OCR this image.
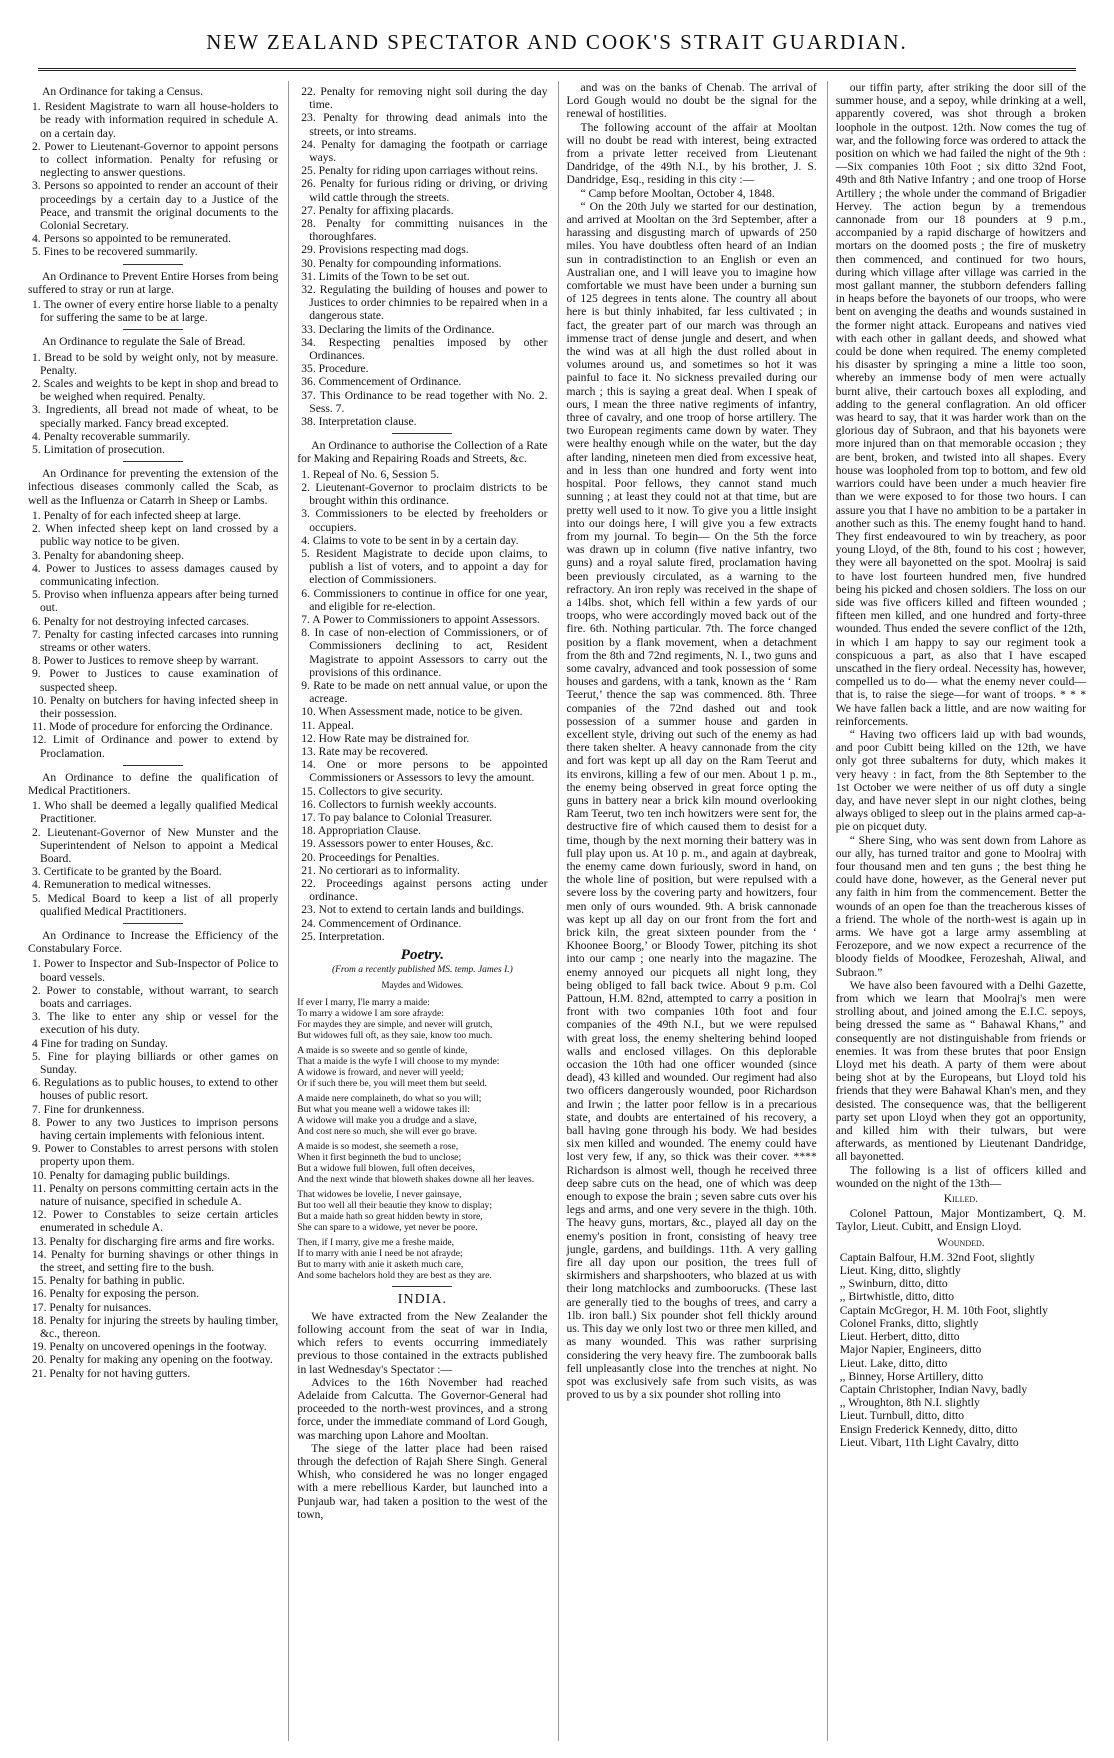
NEW ZEALAND SPECTATOR AND COOK'S STRAIT GUARDIAN.

An Ordinance for taking a Census.

1. Resident Magistrate to warn all house-holders to be ready with information required in schedule A. on a certain day.

2. Power to Lieutenant-Governor to appoint persons to collect information. Penalty for refusing or neglecting to answer questions.

3. Persons so appointed to render an account of their proceedings by a certain day to a Justice of the Peace, and transmit the original documents to the Colonial Secretary.

4. Persons so appointed to be remunerated.

5. Fines to be recovered summarily.

An Ordinance to Prevent Entire Horses from being suffered to stray or run at large.

1. The owner of every entire horse liable to a penalty for suffering the same to be at large.

An Ordinance to regulate the Sale of Bread.

1. Bread to be sold by weight only, not by measure. Penalty.

2. Scales and weights to be kept in shop and bread to be weighed when required. Penalty.

3. Ingredients, all bread not made of wheat, to be specially marked. Fancy bread excepted.

4. Penalty recoverable summarily.

5. Limitation of prosecution.

An Ordinance for preventing the extension of the infectious diseases commonly called the Scab, as well as the Influenza or Catarrh in Sheep or Lambs.

1. Penalty of for each infected sheep at large.

2. When infected sheep kept on land crossed by a public way notice to be given.

3. Penalty for abandoning sheep.

4. Power to Justices to assess damages caused by communicating infection.

5. Proviso when influenza appears after being turned out.

6. Penalty for not destroying infected carcases.

7. Penalty for casting infected carcases into running streams or other waters.

8. Power to Justices to remove sheep by warrant.

9. Power to Justices to cause examination of suspected sheep.

10. Penalty on butchers for having infected sheep in their possession.

11. Mode of procedure for enforcing the Ordinance.

12. Limit of Ordinance and power to extend by Proclamation.

An Ordinance to define the qualification of Medical Practitioners.

1. Who shall be deemed a legally qualified Medical Practitioner.

2. Lieutenant-Governor of New Munster and the Superintendent of Nelson to appoint a Medical Board.

3. Certificate to be granted by the Board.

4. Remuneration to medical witnesses.

5. Medical Board to keep a list of all properly qualified Medical Practitioners.

An Ordinance to Increase the Efficiency of the Constabulary Force.

1. Power to Inspector and Sub-Inspector of Police to board vessels.

2. Power to constable, without warrant, to search boats and carriages.

3. The like to enter any ship or vessel for the execution of his duty.

4 Fine for trading on Sunday.

5. Fine for playing billiards or other games on Sunday.

6. Regulations as to public houses, to extend to other houses of public resort.

7. Fine for drunkenness.

8. Power to any two Justices to imprison persons having certain implements with felonious intent.

9. Power to Constables to arrest persons with stolen property upon them.

10. Penalty for damaging public buildings.

11. Penalty on persons committing certain acts in the nature of nuisance, specified in schedule A.

12. Power to Constables to seize certain articles enumerated in schedule A.

13. Penalty for discharging fire arms and fire works.

14. Penalty for burning shavings or other things in the street, and setting fire to the bush.

15. Penalty for bathing in public.

16. Penalty for exposing the person.

17. Penalty for nuisances.

18. Penalty for injuring the streets by hauling timber, &c., thereon.

19. Penalty on uncovered openings in the footway.

20. Penalty for making any opening on the footway.

21. Penalty for not having gutters.

22. Penalty for removing night soil during the day time.

23. Penalty for throwing dead animals into the streets, or into streams.

24. Penalty for damaging the footpath or carriage ways.

25. Penalty for riding upon carriages without reins.

26. Penalty for furious riding or driving, or driving wild cattle through the streets.

27. Penalty for affixing placards.

28. Penalty for committing nuisances in the thoroughfares.

29. Provisions respecting mad dogs.

30. Penalty for compounding informations.

31. Limits of the Town to be set out.

32. Regulating the building of houses and power to Justices to order chimnies to be repaired when in a dangerous state.

33. Declaring the limits of the Ordinance.

34. Respecting penalties imposed by other Ordinances.

35. Procedure.

36. Commencement of Ordinance.

37. This Ordinance to be read together with No. 2. Sess. 7.

38. Interpretation clause.

An Ordinance to authorise the Collection of a Rate for Making and Repairing Roads and Streets, &c.

1. Repeal of No. 6, Session 5.

2. Lieutenant-Governor to proclaim districts to be brought within this ordinance.

3. Commissioners to be elected by freeholders or occupiers.

4. Claims to vote to be sent in by a certain day.

5. Resident Magistrate to decide upon claims, to publish a list of voters, and to appoint a day for election of Commissioners.

6. Commissioners to continue in office for one year, and eligible for re-election.

7. A Power to Commissioners to appoint Assessors.

8. In case of non-election of Commissioners, or of Commissioners declining to act, Resident Magistrate to appoint Assessors to carry out the provisions of this ordinance.

9. Rate to be made on nett annual value, or upon the acreage.

10. When Assessment made, notice to be given.

11. Appeal.

12. How Rate may be distrained for.

13. Rate may be recovered.

14. One or more persons to be appointed Commissioners or Assessors to levy the amount.

15. Collectors to give security.

16. Collectors to furnish weekly accounts.

17. To pay balance to Colonial Treasurer.

18. Appropriation Clause.

19. Assessors power to enter Houses, &c.

20. Proceedings for Penalties.

21. No certiorari as to informality.

22. Proceedings against persons acting under ordinance.

23. Not to extend to certain lands and buildings.

24. Commencement of Ordinance.

25. Interpretation.

Poetry.
(From a recently published MS. temp. James I.)
Maydes and Widowes.
If ever I marry, I'le marry a maide:
To marry a widowe I am sore afrayde:
For maydes they are simple, and never will grutch,
But widowes full oft, as they saie, know too much.
A maide is so sweete and so gentle of kinde,
That a maide is the wyfe I will choose to my mynde:
A widowe is froward, and never will yeeld;
Or if such there be, you will meet them but seeld.
A maide nere complaineth, do what so you will;
But what you meane well a widowe takes ill:
A widowe will make you a drudge and a slave,
And cost nere so much, she will ever go brave.
A maide is so modest, she seemeth a rose,
When it first beginneth the bud to unclose;
But a widowe full blowen, full often deceives,
And the next winde that bloweth shakes downe all her leaves.
That widowes be lovelie, I never gainsaye,
But too well all their beautie they know to display;
But a maide hath so great hidden bewty in store,
She can spare to a widowe, yet never be poore.
Then, if I marry, give me a freshe maide,
If to marry with anie I need be not afrayde;
But to marry with anie it asketh much care,
And some bachelors hold they are best as they are.
INDIA.

We have extracted from the New Zealander the following account from the seat of war in India, which refers to events occurring immediately previous to those contained in the extracts published in last Wednesday's Spectator :—

Advices to the 16th November had reached Adelaide from Calcutta. The Governor-General had proceeded to the north-west provinces, and a strong force, under the immediate command of Lord Gough, was marching upon Lahore and Mooltan.

The siege of the latter place had been raised through the defection of Rajah Shere Singh. General Whish, who considered he was no longer engaged with a mere rebellious Karder, but launched into a Punjaub war, had taken a position to the west of the town,

and was on the banks of Chenab. The arrival of Lord Gough would no doubt be the signal for the renewal of hostilities.

The following account of the affair at Mooltan will no doubt be read with interest, being extracted from a private letter received from Lieutenant Dandridge, of the 49th N.I., by his brother, J. S. Dandridge, Esq., residing in this city :—

“ Camp before Mooltan, October 4, 1848.

“ On the 20th July we started for our destination, and arrived at Mooltan on the 3rd September, after a harassing and disgusting march of upwards of 250 miles. You have doubtless often heard of an Indian sun in contradistinction to an English or even an Australian one, and I will leave you to imagine how comfortable we must have been under a burning sun of 125 degrees in tents alone. The country all about here is but thinly inhabited, far less cultivated ; in fact, the greater part of our march was through an immense tract of dense jungle and desert, and when the wind was at all high the dust rolled about in volumes around us, and sometimes so hot it was painful to face it. No sickness prevailed during our march ; this is saying a great deal. When I speak of ours, I mean the three native regiments of infantry, three of cavalry, and one troop of horse artillery. The two European regiments came down by water. They were healthy enough while on the water, but the day after landing, nineteen men died from excessive heat, and in less than one hundred and forty went into hospital. Poor fellows, they cannot stand much sunning ; at least they could not at that time, but are pretty well used to it now. To give you a little insight into our doings here, I will give you a few extracts from my journal. To begin— On the 5th the force was drawn up in column (five native infantry, two guns) and a royal salute fired, proclamation having been previously circulated, as a warning to the refractory. An iron reply was received in the shape of a 14lbs. shot, which fell within a few yards of our troops, who were accordingly moved back out of the fire. 6th. Nothing particular. 7th. The force changed position by a flank movement, when a detachment from the 8th and 72nd regiments, N. I., two guns and some cavalry, advanced and took possession of some houses and gardens, with a tank, known as the ‘ Ram Teerut,’ thence the sap was commenced. 8th. Three companies of the 72nd dashed out and took possession of a summer house and garden in excellent style, driving out such of the enemy as had there taken shelter. A heavy cannonade from the city and fort was kept up all day on the Ram Teerut and its environs, killing a few of our men. About 1 p. m., the enemy being observed in great force opting the guns in battery near a brick kiln mound overlooking Ram Teerut, two ten inch howitzers were sent for, the destructive fire of which caused them to desist for a time, though by the next morning their battery was in full play upon us. At 10 p. m., and again at daybreak, the enemy came down furiously, sword in hand, on the whole line of position, but were repulsed with a severe loss by the covering party and howitzers, four men only of ours wounded. 9th. A brisk cannonade was kept up all day on our front from the fort and brick kiln, the great sixteen pounder from the ‘ Khoonee Boorg,’ or Bloody Tower, pitching its shot into our camp ; one nearly into the magazine. The enemy annoyed our picquets all night long, they being obliged to fall back twice. About 9 p.m. Col Pattoun, H.M. 82nd, attempted to carry a position in front with two companies 10th foot and four companies of the 49th N.I., but we were repulsed with great loss, the enemy sheltering behind looped walls and enclosed villages. On this deplorable occasion the 10th had one officer wounded (since dead), 43 killed and wounded. Our regiment had also two officers dangerously wounded, poor Richardson and Irwin ; the latter poor fellow is in a precarious state, and doubts are entertained of his recovery, a ball having gone through his body. We had besides six men killed and wounded. The enemy could have lost very few, if any, so thick was their cover. **** Richardson is almost well, though he received three deep sabre cuts on the head, one of which was deep enough to expose the brain ; seven sabre cuts over his legs and arms, and one very severe in the thigh. 10th. The heavy guns, mortars, &c., played all day on the enemy's position in front, consisting of heavy tree jungle, gardens, and buildings. 11th. A very galling fire all day upon our position, the trees full of skirmishers and sharpshooters, who blazed at us with their long matchlocks and zumboorucks. (These last are generally tied to the boughs of trees, and carry a 1lb. iron ball.) Six pounder shot fell thickly around us. This day we only lost two or three men killed, and as many wounded. This was rather surprising considering the very heavy fire. The zumboorak balls fell unpleasantly close into the trenches at night. No spot was exclusively safe from such visits, as was proved to us by a six pounder shot rolling into

our tiffin party, after striking the door sill of the summer house, and a sepoy, while drinking at a well, apparently covered, was shot through a broken loophole in the outpost. 12th. Now comes the tug of war, and the following force was ordered to attack the position on which we had failed the night of the 9th :—Six companies 10th Foot ; six ditto 32nd Foot, 49th and 8th Native Infantry ; and one troop of Horse Artillery ; the whole under the command of Brigadier Hervey. The action begun by a tremendous cannonade from our 18 pounders at 9 p.m., accompanied by a rapid discharge of howitzers and mortars on the doomed posts ; the fire of musketry then commenced, and continued for two hours, during which village after village was carried in the most gallant manner, the stubborn defenders falling in heaps before the bayonets of our troops, who were bent on avenging the deaths and wounds sustained in the former night attack. Europeans and natives vied with each other in gallant deeds, and showed what could be done when required. The enemy completed his disaster by springing a mine a little too soon, whereby an immense body of men were actually burnt alive, their cartouch boxes all exploding, and adding to the general conflagration. An old officer was heard to say, that it was harder work than on the glorious day of Subraon, and that his bayonets were more injured than on that memorable occasion ; they are bent, broken, and twisted into all shapes. Every house was loopholed from top to bottom, and few old warriors could have been under a much heavier fire than we were exposed to for those two hours. I can assure you that I have no ambition to be a partaker in another such as this. The enemy fought hand to hand. They first endeavoured to win by treachery, as poor young Lloyd, of the 8th, found to his cost ; however, they were all bayonetted on the spot. Moolraj is said to have lost fourteen hundred men, five hundred being his picked and chosen soldiers. The loss on our side was five officers killed and fifteen wounded ; fifteen men killed, and one hundred and forty-three wounded. Thus ended the severe conflict of the 12th, in which I am happy to say our regiment took a conspicuous a part, as also that I have escaped unscathed in the fiery ordeal. Necessity has, however, compelled us to do— what the enemy never could—that is, to raise the siege—for want of troops. * * * We have fallen back a little, and are now waiting for reinforcements.

“ Having two officers laid up with bad wounds, and poor Cubitt being killed on the 12th, we have only got three subalterns for duty, which makes it very heavy : in fact, from the 8th September to the 1st October we were neither of us off duty a single day, and have never slept in our night clothes, being always obliged to sleep out in the plains armed cap-a-pie on picquet duty.

“ Shere Sing, who was sent down from Lahore as our ally, has turned traitor and gone to Moolraj with four thousand men and ten guns ; the best thing he could have done, however, as the General never put any faith in him from the commencement. Better the wounds of an open foe than the treacherous kisses of a friend. The whole of the north-west is again up in arms. We have got a large army assembling at Ferozepore, and we now expect a recurrence of the bloody fields of Moodkee, Ferozeshah, Aliwal, and Subraon.”

We have also been favoured with a Delhi Gazette, from which we learn that Moolraj's men were strolling about, and joined among the E.I.C. sepoys, being dressed the same as “ Bahawal Khans,” and consequently are not distinguishable from friends or enemies. It was from these brutes that poor Ensign Lloyd met his death. A party of them were about being shot at by the Europeans, but Lloyd told his friends that they were Bahawal Khan's men, and they desisted. The consequence was, that the belligerent party set upon Lloyd when they got an opportunity, and killed him with their tulwars, but were afterwards, as mentioned by Lieutenant Dandridge, all bayonetted.

The following is a list of officers killed and wounded on the night of the 13th—

Killed.

Colonel Pattoun, Major Montizambert, Q. M. Taylor, Lieut. Cubitt, and Ensign Lloyd.

Wounded.
Captain Balfour, H.M. 32nd Foot, slightly
Lieut. King, ditto, slightly
,, Swinburn, ditto, ditto
,, Birtwhistle, ditto, ditto
Captain McGregor, H. M. 10th Foot, slightly
Colonel Franks, ditto, slightly
Lieut. Herbert, ditto, ditto
Major Napier, Engineers, ditto
Lieut. Lake, ditto, ditto
,, Binney, Horse Artillery, ditto
Captain Christopher, Indian Navy, badly
,, Wroughton, 8th N.I. slightly
Lieut. Turnbull, ditto, ditto
Ensign Frederick Kennedy, ditto, ditto
Lieut. Vibart, 11th Light Cavalry, ditto
